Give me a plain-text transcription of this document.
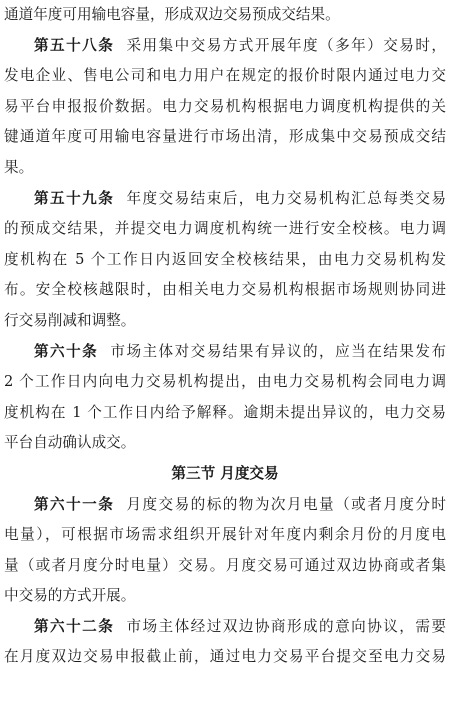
通道年度可用输电容量，形成双边交易预成交结果。
第五十八条 采用集中交易方式开展年度（多年）交易时，
发电企业、售电公司和电力用户在规定的报价时限内通过电力交
易平台申报报价数据。电力交易机构根据电力调度机构提供的关
键通道年度可用输电容量进行市场出清，形成集中交易预成交结
果。
第五十九条 年度交易结束后，电力交易机构汇总每类交易
的预成交结果，并提交电力调度机构统一进行安全校核。电力调
度机构在 5 个工作日内返回安全校核结果，由电力交易机构发
布。安全校核越限时，由相关电力交易机构根据市场规则协同进
行交易削减和调整。
第六十条 市场主体对交易结果有异议的，应当在结果发布
2 个工作日内向电力交易机构提出，由电力交易机构会同电力调
度机构在 1 个工作日内给予解释。逾期未提出异议的，电力交易
平台自动确认成交。
第三节 月度交易
第六十一条 月度交易的标的物为次月电量（或者月度分时
电量），可根据市场需求组织开展针对年度内剩余月份的月度电
量（或者月度分时电量）交易。月度交易可通过双边协商或者集
中交易的方式开展。
第六十二条 市场主体经过双边协商形成的意向协议，需要
在月度双边交易申报截止前，通过电力交易平台提交至电力交易
